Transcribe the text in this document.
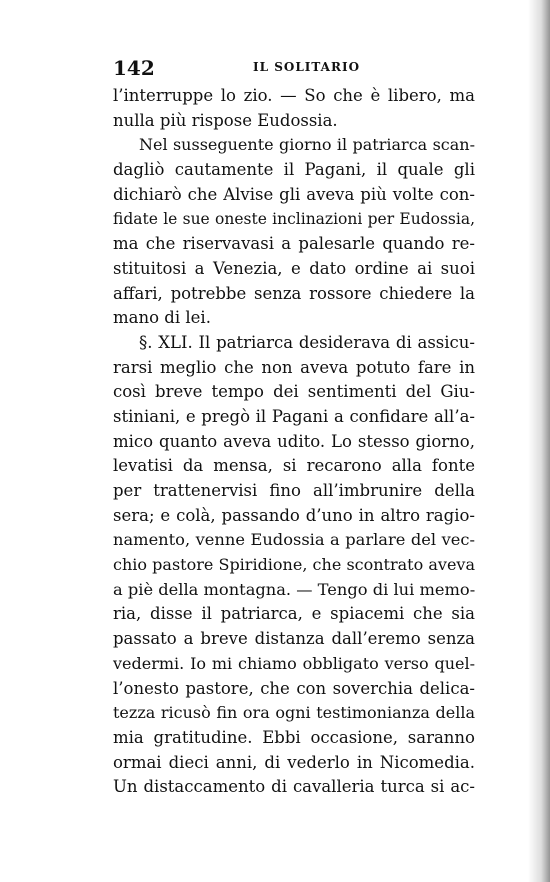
142	IL SOLITARIO
l’interruppe lo zio. — So che è libero, ma
nulla più rispose Eudossia.
Nel susseguente giorno il patriarca scan-
dagliò cautamente il Pagani, il quale gli
dichiarò che Alvise gli aveva più volte con-
fidate le sue oneste inclinazioni per Eudossia,
ma che riservavasi a palesarle quando re-
stituitosi a Venezia, e dato ordine ai suoi
affari, potrebbe senza rossore chiedere la
mano di lei.
§. XLI. Il patriarca desiderava di assicu-
rarsi meglio che non aveva potuto fare in
così breve tempo dei sentimenti del Giu-
stiniani, e pregò il Pagani a confidare all’a-
mico quanto aveva udito. Lo stesso giorno,
levatisi da mensa, si recarono alla fonte
per trattenervisi fino all’imbrunire della
sera; e colà, passando d’uno in altro ragio-
namento, venne Eudossia a parlare del vec-
chio pastore Spiridione, che scontrato aveva
a piè della montagna. — Tengo di lui memo-
ria, disse il patriarca, e spiacemi che sia
passato a breve distanza dall’eremo senza
vedermi. Io mi chiamo obbligato verso quel-
l’onesto pastore, che con soverchia delica-
tezza ricusò fin ora ogni testimonianza della
mia gratitudine. Ebbi occasione, saranno
ormai dieci anni, di vederlo in Nicomedia.
Un distaccamento di cavalleria turca si ac-
